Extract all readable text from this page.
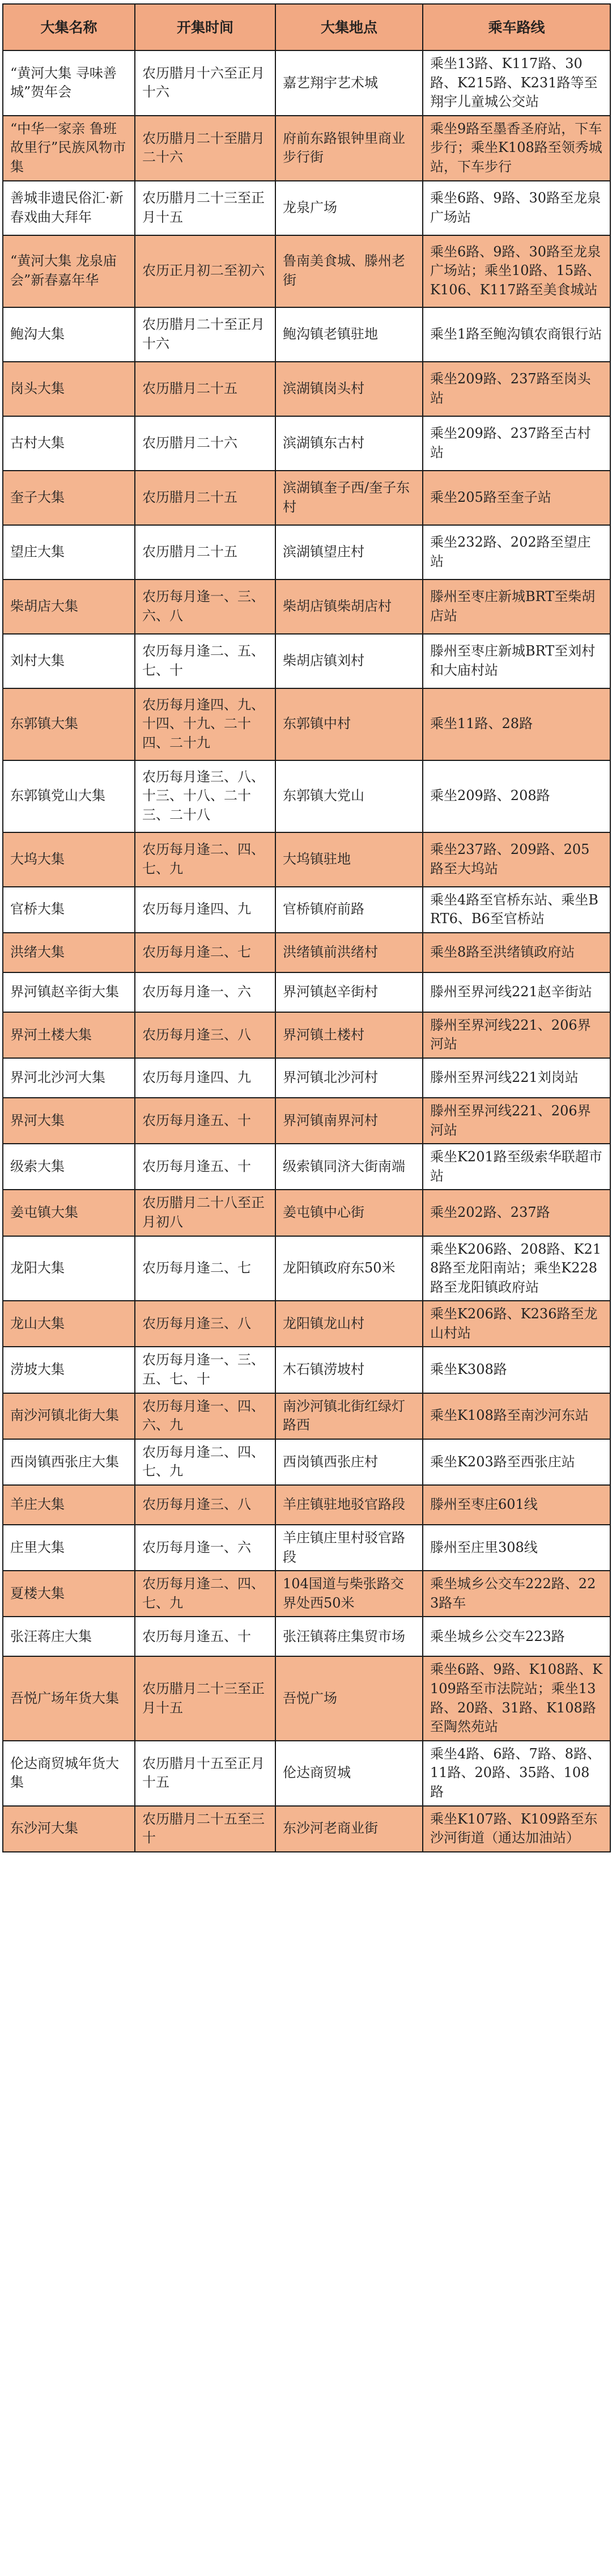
大集名称	开集时间	大集地点	乘车路线
“黄河大集 寻味善城”贺年会	农历腊月十六至正月十六	嘉艺翔宇艺术城	乘坐13路、K117路、30路、K215路、K231路等至翔宇儿童城公交站
“中华一家亲 鲁班故里行”民族风物市集	农历腊月二十至腊月二十六	府前东路银钟里商业步行街	乘坐9路至墨香圣府站，下车步行；乘坐K108路至领秀城站，下车步行
善城非遗民俗汇·新春戏曲大拜年	农历腊月二十三至正月十五	龙泉广场	乘坐6路、9路、30路至龙泉广场站
“黄河大集 龙泉庙会”新春嘉年华	农历正月初二至初六	鲁南美食城、滕州老街	乘坐6路、9路、30路至龙泉广场站；乘坐10路、15路、K106、K117路至美食城站
鲍沟大集	农历腊月二十至正月十六	鲍沟镇老镇驻地	乘坐1路至鲍沟镇农商银行站
岗头大集	农历腊月二十五	滨湖镇岗头村	乘坐209路、237路至岗头站
古村大集	农历腊月二十六	滨湖镇东古村	乘坐209路、237路至古村站
奎子大集	农历腊月二十五	滨湖镇奎子西/奎子东村	乘坐205路至奎子站
望庄大集	农历腊月二十五	滨湖镇望庄村	乘坐232路、202路至望庄站
柴胡店大集	农历每月逢一、三、六、八	柴胡店镇柴胡店村	滕州至枣庄新城BRT至柴胡店站
刘村大集	农历每月逢二、五、七、十	柴胡店镇刘村	滕州至枣庄新城BRT至刘村和大庙村站
东郭镇大集	农历每月逢四、九、十四、十九、二十四、二十九	东郭镇中村	乘坐11路、28路
东郭镇党山大集	农历每月逢三、八、十三、十八、二十三、二十八	东郭镇大党山	乘坐209路、208路
大坞大集	农历每月逢二、四、七、九	大坞镇驻地	乘坐237路、209路、205路至大坞站
官桥大集	农历每月逢四、九	官桥镇府前路	乘坐4路至官桥东站、乘坐BRT6、B6至官桥站
洪绪大集	农历每月逢二、七	洪绪镇前洪绪村	乘坐8路至洪绪镇政府站
界河镇赵辛街大集	农历每月逢一、六	界河镇赵辛街村	滕州至界河线221赵辛街站
界河土楼大集	农历每月逢三、八	界河镇土楼村	滕州至界河线221、206界河站
界河北沙河大集	农历每月逢四、九	界河镇北沙河村	滕州至界河线221刘岗站
界河大集	农历每月逢五、十	界河镇南界河村	滕州至界河线221、206界河站
级索大集	农历每月逢五、十	级索镇同济大街南端	乘坐K201路至级索华联超市站
姜屯镇大集	农历腊月二十八至正月初八	姜屯镇中心街	乘坐202路、237路
龙阳大集	农历每月逢二、七	龙阳镇政府东50米	乘坐K206路、208路、K218路至龙阳南站；乘坐K228路至龙阳镇政府站
龙山大集	农历每月逢三、八	龙阳镇龙山村	乘坐K206路、K236路至龙山村站
涝坡大集	农历每月逢一、三、五、七、十	木石镇涝坡村	乘坐K308路
南沙河镇北街大集	农历每月逢一、四、六、九	南沙河镇北街红绿灯路西	乘坐K108路至南沙河东站
西岗镇西张庄大集	农历每月逢二、四、七、九	西岗镇西张庄村	乘坐K203路至西张庄站
羊庄大集	农历每月逢三、八	羊庄镇驻地驳官路段	滕州至枣庄601线
庄里大集	农历每月逢一、六	羊庄镇庄里村驳官路段	滕州至庄里308线
夏楼大集	农历每月逢二、四、七、九	104国道与柴张路交界处西50米	乘坐城乡公交车222路、223路车
张汪蒋庄大集	农历每月逢五、十	张汪镇蒋庄集贸市场	乘坐城乡公交车223路
吾悦广场年货大集	农历腊月二十三至正月十五	吾悦广场	乘坐6路、9路、K108路、K109路至市法院站；乘坐13路、20路、31路、K108路至陶然苑站
伦达商贸城年货大集	农历腊月十五至正月十五	伦达商贸城	乘坐4路、6路、7路、8路、11路、20路、35路、108路
东沙河大集	农历腊月二十五至三十	东沙河老商业街	乘坐K107路、K109路至东沙河街道（通达加油站）
